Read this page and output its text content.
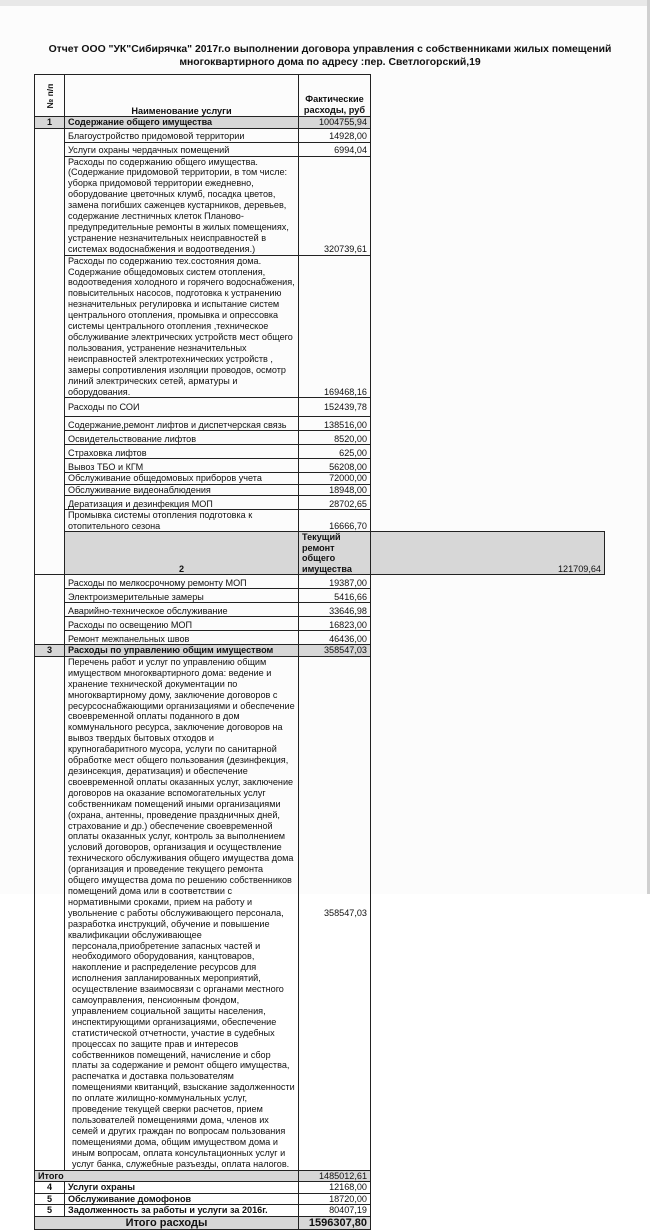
Отчет ООО "УК"Сибирячка" 2017г.о выполнении договора управления с собственниками жилых помещений
многоквартирного дома по адресу :пер. Светлогорский,19
№ п/п	Наименование услуги	Фактические расходы, руб	
1	Содержание общего имущества	1004755,94	
	Благоустройство придомовой территории	14928,00	
	Услуги охраны чердачных помещений	6994,04	
	Расходы по содержанию общего имущества. (Содержание придомовой территории, в том числе: уборка придомовой территории ежедневно, оборудование цветочных клумб, посадка цветов, замена погибших саженцев кустарников, деревьев, содержание лестничных клеток Планово-предупредительные ремонты в жилых помещениях, устранение незначительных неисправностей в системах водоснабжения и водоотведения.)	320739,61	
	Расходы по содержанию тех.состояния дома. Содержание общедомовых систем отопления, водоотведения холодного и горячего водоснабжения, повысительных насосов, подготовка к устранению незначительных регулировка и испытание систем центрального отопления, промывка и опрессовка системы центрального отопления ,техническое обслуживание электрических устройств мест общего пользования, устранение незначительных неисправностей электротехнических устройств , замеры сопротивления изоляции проводов, осмотр линий электрических сетей, арматуры и оборудования.	169468,16	
	Расходы по СОИ	152439,78	
	Содержание,ремонт лифтов и диспетчерская связь	138516,00	
	Освидетельствование лифтов	8520,00	
	Страховка лифтов	625,00	
	Вывоз ТБО и КГМ	56208,00	
	Обслуживание общедомовых приборов учета	72000,00	
	Обслуживание видеонаблюдения	18948,00	
	Дератизация и дезинфекция МОП	28702,65	
	Промывка системы отопления подготовка к отопительного сезона	16666,70	
	2	Текущий ремонт общего имущества	121709,64
	Расходы по мелкосрочному ремонту МОП	19387,00	
	Электроизмерительные замеры	5416,66	
	Аварийно-техническое обслуживание	33646,98	
	Расходы по освещению МОП	16823,00	
	Ремонт межпанельных швов	46436,00	
3	Расходы по управлению общим имуществом	358547,03	

	Перечень работ и услуг по управлению общим имуществом многоквартирного дома: ведение и хранение технической документации по многоквартирному дому, заключение договоров с ресурсоснабжающими организациями и обеспечение своевременной оплаты поданного в дом коммунального ресурса, заключение договоров на вывоз твердых бытовых отходов и крупногабаритного мусора, услуги по санитарной обработке мест общего пользования (дезинфекция, дезинсекция, дератизация) и обеспечение своевременной оплаты оказанных услуг, заключение договоров на оказание вспомогательных услуг собственникам помещений иными организациями (охрана, антенны, проведение праздничных дней, страхование и др.) обеспечение своевременной оплаты оказанных услуг, контроль за выполнением условий договоров, организация и осуществление технического обслуживания общего имущества дома (организация и проведение текущего ремонта общего имущества дома по решению собственников помещений дома или в соответствии с нормативными сроками, прием на работу и увольнение с работы обслуживающего персонала, разработка инструкций, обучение и повышение квалификации обслуживающее
персонала,приобретение запасных частей и необходимого оборудования, канцтоваров, накопление и распределение ресурсов для исполнения запланированных мероприятий, осуществление взаимосвязи с органами местного самоуправления, пенсионным фондом, управлением социальной защиты населения, инспектирующими организациями, обеспечение статистической отчетности, участие в судебных процессах по защите прав и интересов собственников помещений, начисление и сбор платы за содержание и ремонт общего имущества, распечатка и доставка пользователям помещениями квитанций, взыскание задолженности по оплате жилищно-коммунальных услуг, проведение текущей сверки расчетов, прием пользователей помещениями дома, членов их семей и других граждан по вопросам пользования помещениями дома, общим имуществом дома и иным вопросам, оплата консультационных услуг и услуг банка, служебные разъезды, оплата налогов.	358547,03	
Итого		1485012,61	
4	Услуги охраны	12168,00	
5	Обслуживание домофонов	18720,00	
5	Задолженность за работы и услуги за 2016г.	80407,19	
Итого расходы		1596307,80	
